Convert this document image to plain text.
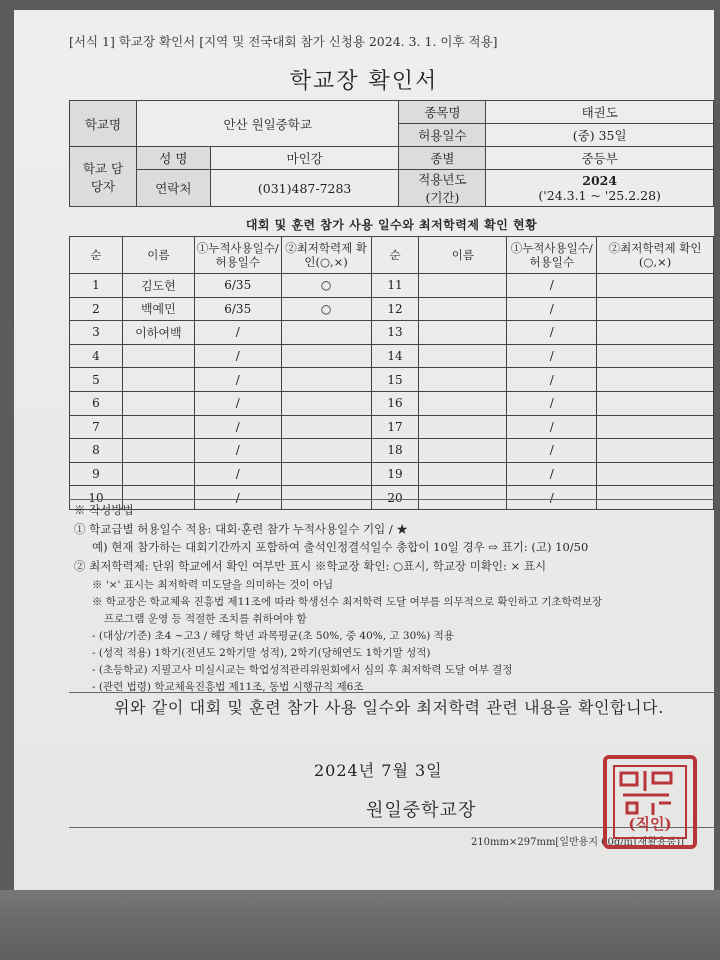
[서식 1] 학교장 확인서 [지역 및 전국대회 참가 신청용 2024. 3. 1. 이후 적용]
학교장 확인서
학교명	안산 원일중학교		종목명	태권도
			허용일수	(중) 35일
학교 담당자	성 명	마인강	종별	중등부
	연락처	(031)487-7283	적용년도 (기간)	2024
('24.3.1 ~ '25.2.28)
대회 및 훈련 참가 사용 일수와 최저학력제 확인 현황
순	이름	①누적사용일수/ 허용일수	②최저학력제 확인(○,×)	순	이름	①누적사용일수/ 허용일수	②최저학력제 확인(○,×)
1	김도현	6/35	○	11		/	
2	백예민	6/35	○	12		/	
3	이하여백	/		13		/	
4		/		14		/	
5		/		15		/	
6		/		16		/	
7		/		17		/	
8		/		18		/	
9		/		19		/	
10		/		20		/	
※ 작성방법
① 학교급별 허용일수 적용: 대회·훈련 참가 누적사용일수 기입 / ★
예) 현재 참가하는 대회기간까지 포함하여 출석인정결석일수 총합이 10일 경우 ⇨ 표기: (고) 10/50
② 최저학력제: 단위 학교에서 확인 여부만 표시 ※학교장 확인: ○표시, 학교장 미확인: × 표시
※ '×' 표시는 최저학력 미도달을 의미하는 것이 아님
※ 학교장은 학교체육 진흥법 제11조에 따라 학생선수 최저학력 도달 여부를 의무적으로 확인하고 기초학력보장
프로그램 운영 등 적절한 조치를 취하여야 함
- (대상/기준) 초4 ~고3 / 해당 학년 과목평균(초 50%, 중 40%, 고 30%) 적용
- (성적 적용) 1학기(전년도 2학기말 성적), 2학기(당해연도 1학기말 성적)
- (초등학교) 지필고사 미실시교는 학업성적관리위원회에서 심의 후 최저학력 도달 여부 결정
- (관련 법령) 학교체육진흥법 제11조, 동법 시행규칙 제6조
위와 같이 대회 및 훈련 참가 사용 일수와 최저학력 관련 내용을 확인합니다.
2024년 7월 3일
원일중학교장
210mm×297mm[일반용지 60g/㎡(재활용품)]
(직인)
